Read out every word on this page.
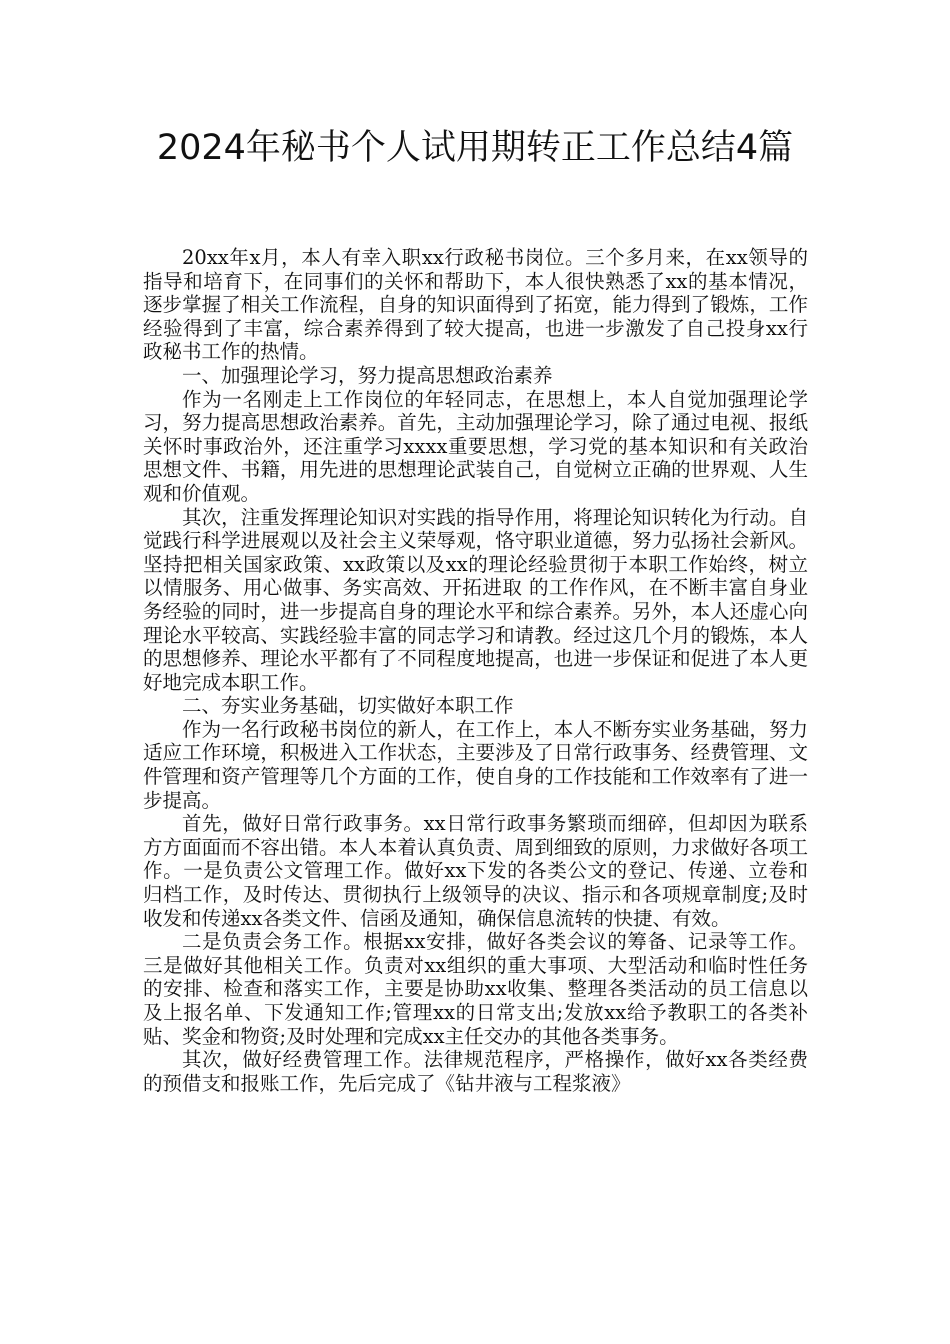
2024年秘书个人试用期转正工作总结4篇

20xx年x月，本人有幸入职xx行政秘书岗位。三个多月来，在xx领导的指导和培育下，在同事们的关怀和帮助下，本人很快熟悉了xx的基本情况，逐步掌握了相关工作流程，自身的知识面得到了拓宽，能力得到了锻炼，工作经验得到了丰富，综合素养得到了较大提高，也进一步激发了自己投身xx行政秘书工作的热情。

一、加强理论学习，努力提高思想政治素养

作为一名刚走上工作岗位的年轻同志，在思想上，本人自觉加强理论学习，努力提高思想政治素养。首先，主动加强理论学习，除了通过电视、报纸关怀时事政治外，还注重学习xxxx重要思想，学习党的基本知识和有关政治思想文件、书籍，用先进的思想理论武装自己，自觉树立正确的世界观、人生观和价值观。

其次，注重发挥理论知识对实践的指导作用，将理论知识转化为行动。自觉践行科学进展观以及社会主义荣辱观，恪守职业道德，努力弘扬社会新风。坚持把相关国家政策、xx政策以及xx的理论经验贯彻于本职工作始终，树立 以情服务、用心做事、务实高效、开拓进取 的工作作风，在不断丰富自身业务经验的同时，进一步提高自身的理论水平和综合素养。另外，本人还虚心向理论水平较高、实践经验丰富的同志学习和请教。经过这几个月的锻炼，本人的思想修养、理论水平都有了不同程度地提高，也进一步保证和促进了本人更好地完成本职工作。

二、夯实业务基础，切实做好本职工作

作为一名行政秘书岗位的新人，在工作上，本人不断夯实业务基础，努力适应工作环境，积极进入工作状态，主要涉及了日常行政事务、经费管理、文件管理和资产管理等几个方面的工作，使自身的工作技能和工作效率有了进一步提高。

首先，做好日常行政事务。xx日常行政事务繁琐而细碎，但却因为联系方方面面而不容出错。本人本着认真负责、周到细致的原则，力求做好各项工作。一是负责公文管理工作。做好xx下发的各类公文的登记、传递、立卷和归档工作，及时传达、贯彻执行上级领导的决议、指示和各项规章制度;及时收发和传递xx各类文件、信函及通知，确保信息流转的快捷、有效。

二是负责会务工作。根据xx安排，做好各类会议的筹备、记录等工作。三是做好其他相关工作。负责对xx组织的重大事项、大型活动和临时性任务的安排、检查和落实工作，主要是协助xx收集、整理各类活动的员工信息以及上报名单、下发通知工作;管理xx的日常支出;发放xx给予教职工的各类补贴、奖金和物资;及时处理和完成xx主任交办的其他各类事务。

其次，做好经费管理工作。法律规范程序，严格操作，做好xx各类经费的预借支和报账工作，先后完成了《钻井液与工程浆液》
